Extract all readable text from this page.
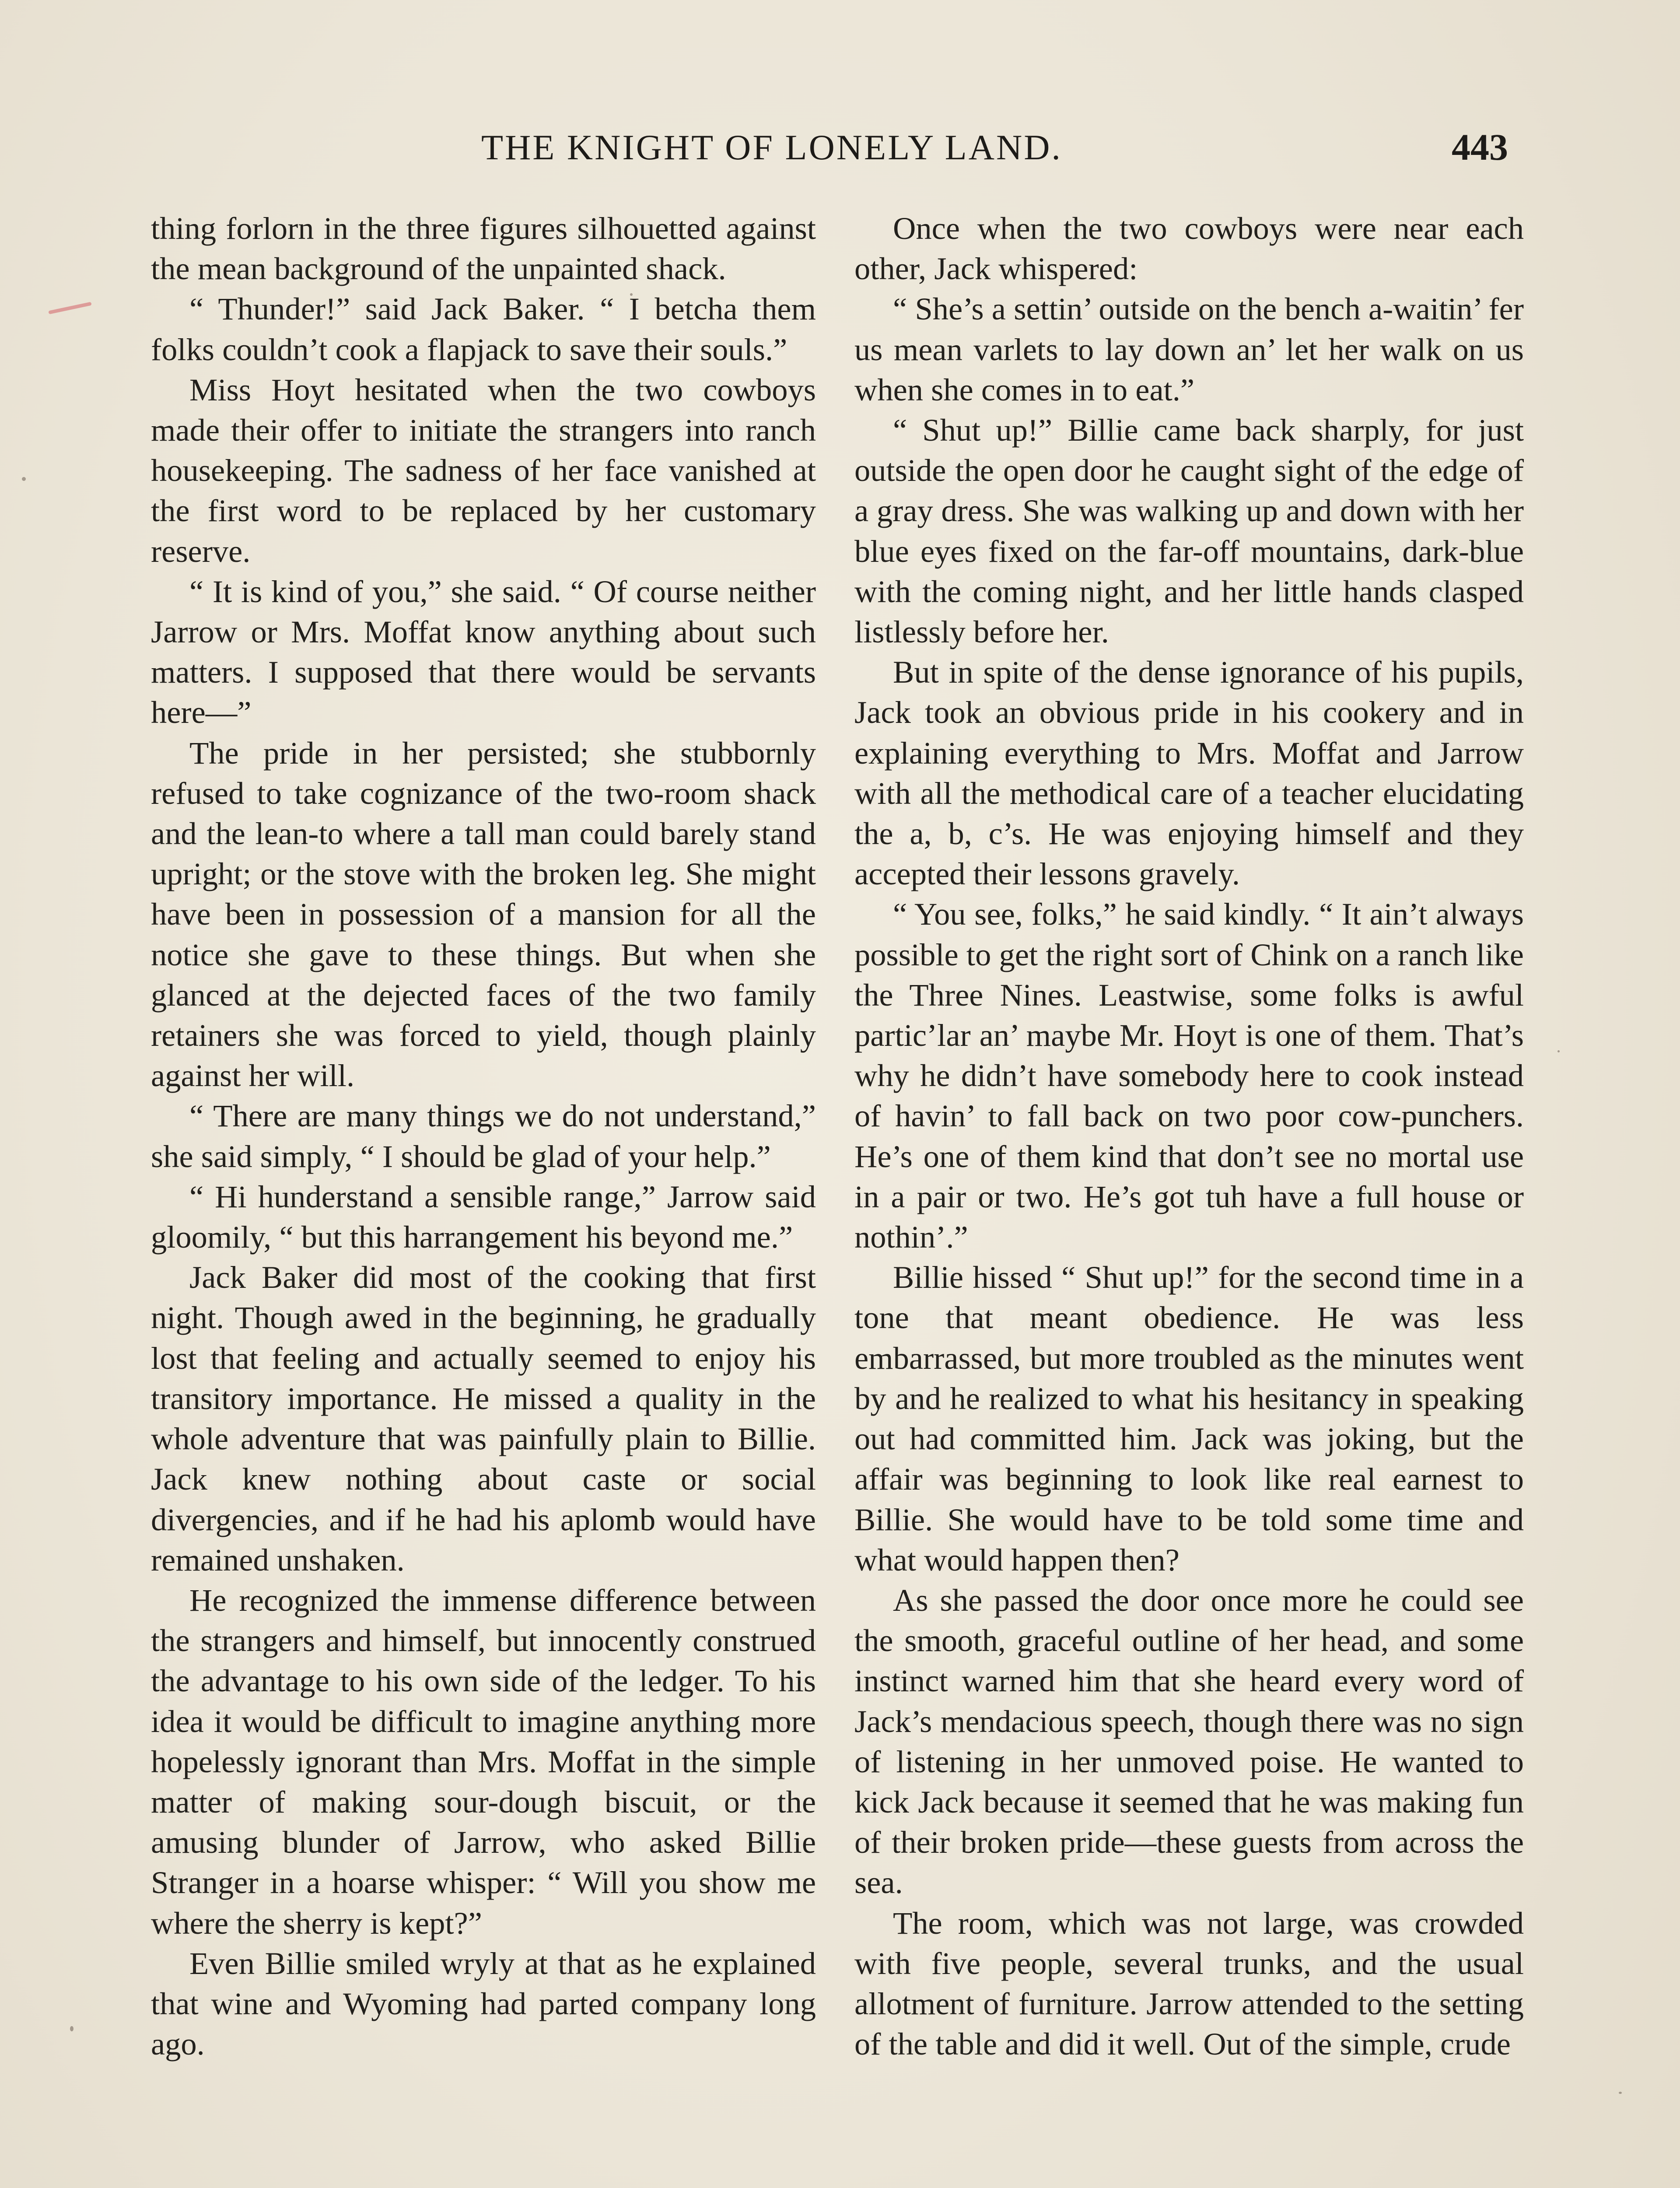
THE KNIGHT OF LONELY LAND.	443

thing forlorn in the three figures silhouetted against the mean background of the unpainted shack.

“ Thunder!” said Jack Baker. “ I betcha them folks couldn’t cook a flapjack to save their souls.”

Miss Hoyt hesitated when the two cowboys made their offer to initiate the strangers into ranch housekeeping. The sadness of her face vanished at the first word to be replaced by her customary reserve.

“ It is kind of you,” she said. “ Of course neither Jarrow or Mrs. Moffat know anything about such matters. I supposed that there would be servants here—”

The pride in her persisted; she stubbornly refused to take cognizance of the two-room shack and the lean-to where a tall man could barely stand upright; or the stove with the broken leg. She might have been in possession of a mansion for all the notice she gave to these things. But when she glanced at the dejected faces of the two family retainers she was forced to yield, though plainly against her will.

“ There are many things we do not understand,” she said simply, “ I should be glad of your help.”

“ Hi hunderstand a sensible range,” Jarrow said gloomily, “ but this harrangement his beyond me.”

Jack Baker did most of the cooking that first night. Though awed in the beginning, he gradually lost that feeling and actually seemed to enjoy his transitory importance. He missed a quality in the whole adventure that was painfully plain to Billie. Jack knew nothing about caste or social divergencies, and if he had his aplomb would have remained unshaken.

He recognized the immense difference between the strangers and himself, but innocently construed the advantage to his own side of the ledger. To his idea it would be difficult to imagine anything more hopelessly ignorant than Mrs. Moffat in the simple matter of making sour-dough biscuit, or the amusing blunder of Jarrow, who asked Billie Stranger in a hoarse whisper: “ Will you show me where the sherry is kept?”

Even Billie smiled wryly at that as he explained that wine and Wyoming had parted company long ago.

Once when the two cowboys were near each other, Jack whispered:

“ She’s a settin’ outside on the bench a-waitin’ fer us mean varlets to lay down an’ let her walk on us when she comes in to eat.”

“ Shut up!” Billie came back sharply, for just outside the open door he caught sight of the edge of a gray dress. She was walking up and down with her blue eyes fixed on the far-off mountains, dark-blue with the coming night, and her little hands clasped listlessly before her.

But in spite of the dense ignorance of his pupils, Jack took an obvious pride in his cookery and in explaining everything to Mrs. Moffat and Jarrow with all the methodical care of a teacher elucidating the a, b, c’s. He was enjoying himself and they accepted their lessons gravely.

“ You see, folks,” he said kindly. “ It ain’t always possible to get the right sort of Chink on a ranch like the Three Nines. Leastwise, some folks is awful partic’lar an’ maybe Mr. Hoyt is one of them. That’s why he didn’t have somebody here to cook instead of havin’ to fall back on two poor cow-punchers. He’s one of them kind that don’t see no mortal use in a pair or two. He’s got tuh have a full house or nothin’.”

Billie hissed “ Shut up!” for the second time in a tone that meant obedience. He was less embarrassed, but more troubled as the minutes went by and he realized to what his hesitancy in speaking out had committed him. Jack was joking, but the affair was beginning to look like real earnest to Billie. She would have to be told some time and what would happen then?

As she passed the door once more he could see the smooth, graceful outline of her head, and some instinct warned him that she heard every word of Jack’s mendacious speech, though there was no sign of listening in her unmoved poise. He wanted to kick Jack because it seemed that he was making fun of their broken pride—these guests from across the sea.

The room, which was not large, was crowded with five people, several trunks, and the usual allotment of furniture. Jarrow attended to the setting of the table and did it well. Out of the simple, crude
